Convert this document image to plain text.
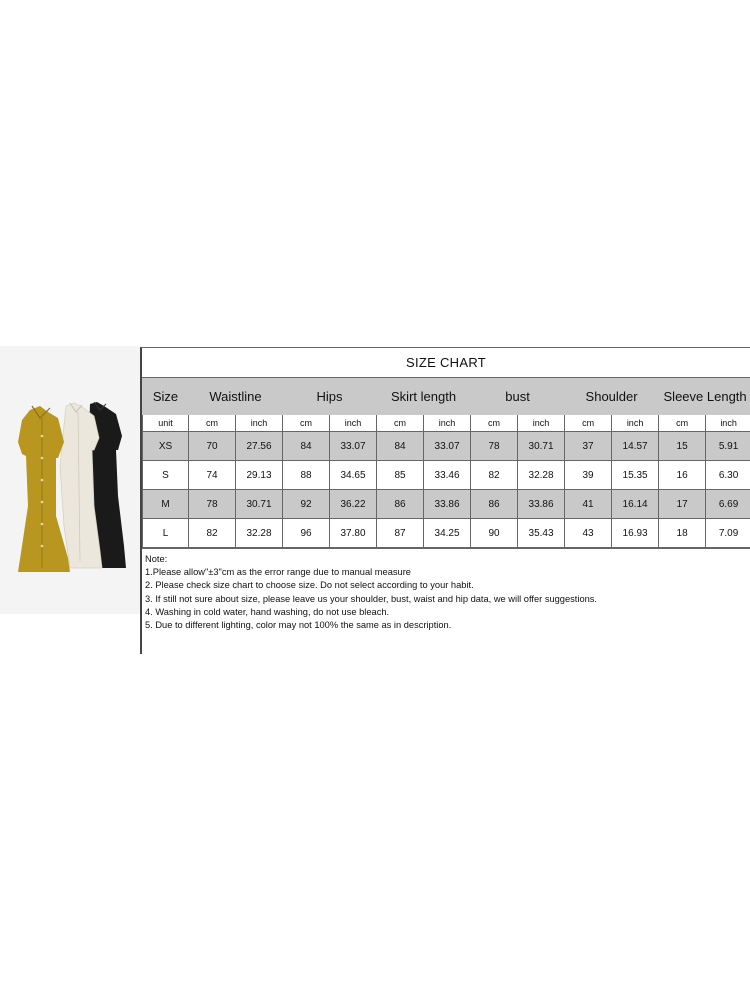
SIZE CHART
Size	Waistline		Hips		Skirt length		bust		Shoulder		Sleeve Length	
unit	cm	inch	cm	inch	cm	inch	cm	inch	cm	inch	cm	inch
XS	70	27.56	84	33.07	84	33.07	78	30.71	37	14.57	15	5.91
S	74	29.13	88	34.65	85	33.46	82	32.28	39	15.35	16	6.30
M	78	30.71	92	36.22	86	33.86	86	33.86	41	16.14	17	6.69
L	82	32.28	96	37.80	87	34.25	90	35.43	43	16.93	18	7.09
Note:
1.Please allow"±3"cm as the error range due to manual measure
2. Please check size chart to choose size. Do not select according to your habit.
3. If still not sure about size, please leave us your shoulder, bust, waist and hip data, we will offer suggestions.
4. Washing in cold water, hand washing, do not use bleach.
5. Due to different lighting, color may not 100% the same as in description.
